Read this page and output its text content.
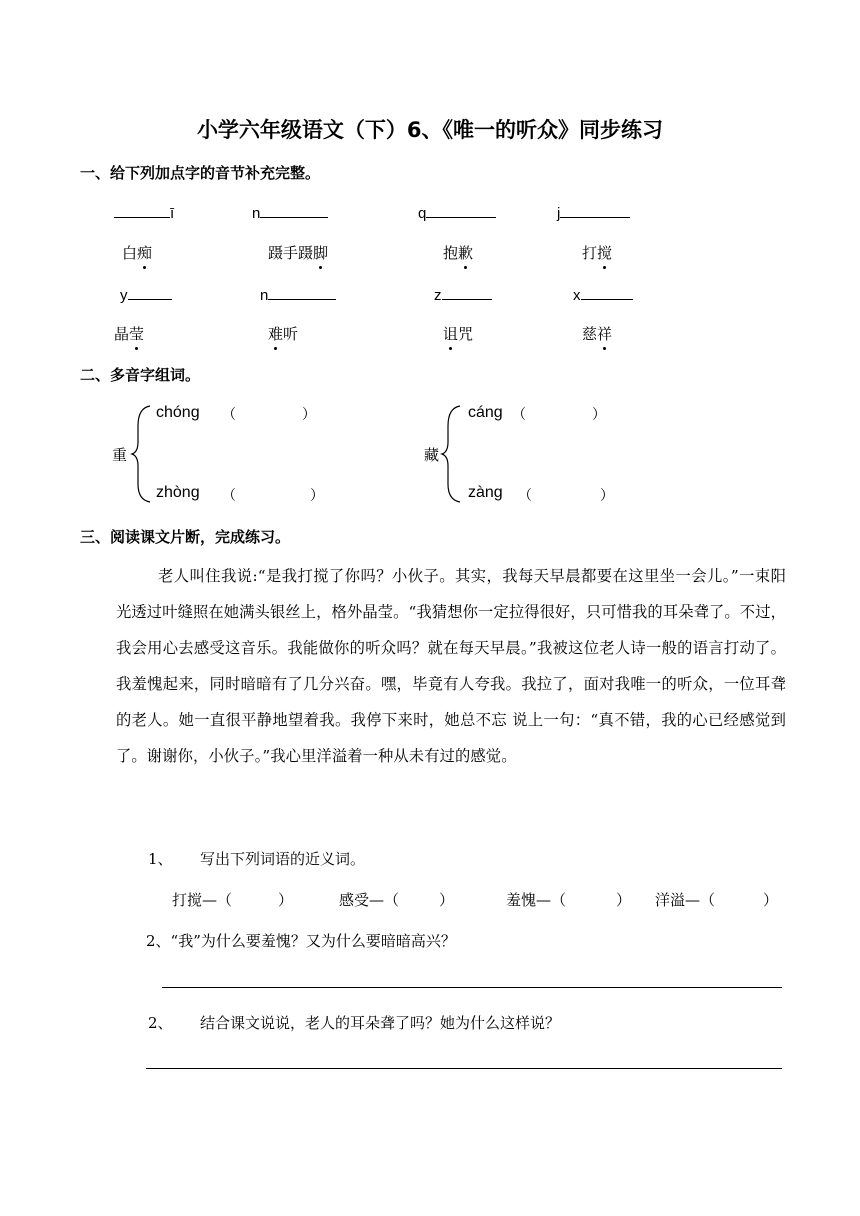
小学六年级语文（下）6、《唯一的听众》同步练习
一、给下列加点字的音节补充完整。
ī	n	q	j
白痴	蹑手蹑脚	抱歉	打搅
y	n	z	x
晶莹	难听	诅咒	慈祥
二、多音字组词。
重
chóng （	）
zhòng （	）
藏
cáng （	）
zàng （	）
三、阅读课文片断，完成练习。

老人叫住我说:“是我打搅了你吗？小伙子。其实，我每天早晨都要在这里坐一会儿。”一束阳光透过叶缝照在她满头银丝上，格外晶莹。“我猜想你一定拉得很好，只可惜我的耳朵聋了。不过，我会用心去感受这音乐。我能做你的听众吗？就在每天早晨。”我被这位老人诗一般的语言打动了。我羞愧起来，同时暗暗有了几分兴奋。嘿，毕竟有人夸我。我拉了，面对我唯一的听众，一位耳聋的老人。她一直很平静地望着我。我停下来时，她总不忘 说上一句：“真不错，我的心已经感觉到了。谢谢你，小伙子。”我心里洋溢着一种从未有过的感觉。

1、 写出下列词语的近义词。
打搅—（	）	感受—（	）	羞愧—（	） 洋溢—（	）
2、“我”为什么要羞愧？又为什么要暗暗高兴？
2、 结合课文说说，老人的耳朵聋了吗？她为什么这样说？
